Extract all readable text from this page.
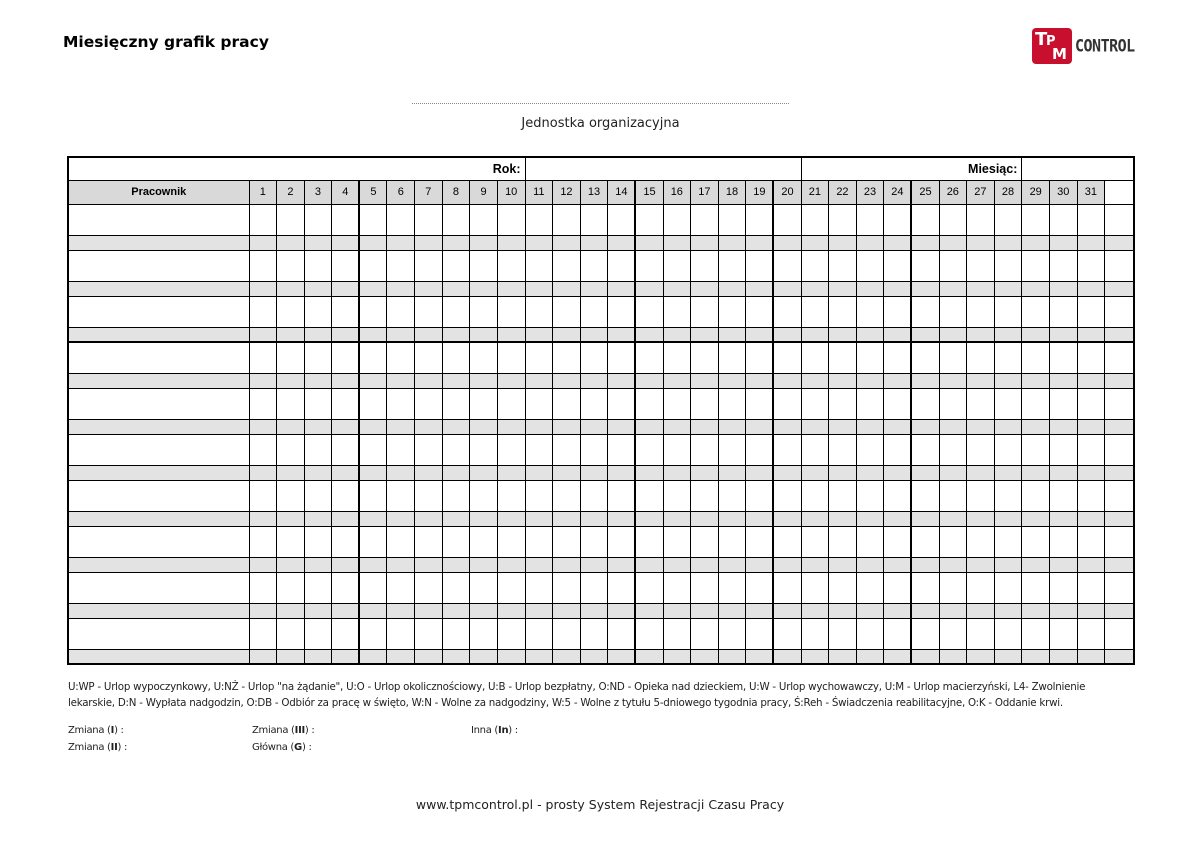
Miesięczny grafik pracy	T
P
M CONTROL
Jednostka organizacyjna
Rok:																					Miesiąc:		
Pracownik	1	2	3	4	5	6	7	8	9	10	11	12	13	14	15	16	17	18	19	20	21	22	23	24	25	26	27	28	29	30	31		

U:WP - Urlop wypoczynkowy, U:NŻ - Urlop "na żądanie", U:O - Urlop okolicznościowy, U:B - Urlop bezpłatny, O:ND - Opieka nad dzieckiem, U:W - Urlop wychowawczy, U:M - Urlop macierzyński, L4- Zwolnienie lekarskie, D:N - Wypłata nadgodzin, O:DB - Odbiór za pracę w święto, W:N - Wolne za nadgodziny, W:5 - Wolne z tytułu 5-dniowego tygodnia pracy, Ś:Reh - Świadczenia reabilitacyjne, O:K - Oddanie krwi.
Zmiana (I) :
Zmiana (II) :
Zmiana (III) :
Główna (G) :
Inna (In) :
www.tpmcontrol.pl - prosty System Rejestracji Czasu Pracy
